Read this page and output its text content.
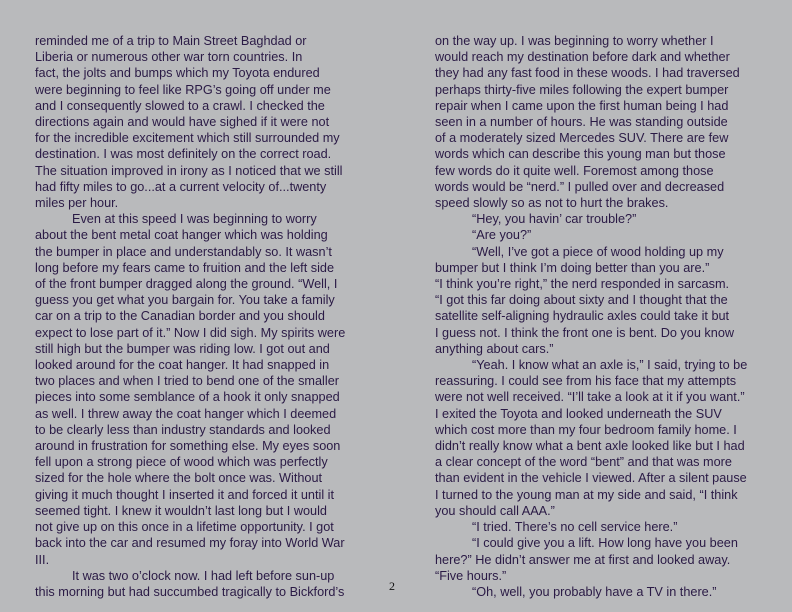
reminded me of a trip to Main Street Baghdad or
Liberia or numerous other war torn countries. In
fact, the jolts and bumps which my Toyota endured
were beginning to feel like RPG’s going off under me
and I consequently slowed to a crawl. I checked the
directions again and would have sighed if it were not
for the incredible excitement which still surrounded my
destination. I was most definitely on the correct road.
The situation improved in irony as I noticed that we still
had fifty miles to go...at a current velocity of...twenty
miles per hour.
Even at this speed I was beginning to worry
about the bent metal coat hanger which was holding
the bumper in place and understandably so. It wasn’t
long before my fears came to fruition and the left side
of the front bumper dragged along the ground. “Well, I
guess you get what you bargain for. You take a family
car on a trip to the Canadian border and you should
expect to lose part of it.” Now I did sigh. My spirits were
still high but the bumper was riding low. I got out and
looked around for the coat hanger. It had snapped in
two places and when I tried to bend one of the smaller
pieces into some semblance of a hook it only snapped
as well. I threw away the coat hanger which I deemed
to be clearly less than industry standards and looked
around in frustration for something else. My eyes soon
fell upon a strong piece of wood which was perfectly
sized for the hole where the bolt once was. Without
giving it much thought I inserted it and forced it until it
seemed tight. I knew it wouldn’t last long but I would
not give up on this once in a lifetime opportunity. I got
back into the car and resumed my foray into World War
III.
It was two o’clock now. I had left before sun-up
this morning but had succumbed tragically to Bickford’s
on the way up. I was beginning to worry whether I
would reach my destination before dark and whether
they had any fast food in these woods. I had traversed
perhaps thirty-five miles following the expert bumper
repair when I came upon the first human being I had
seen in a number of hours. He was standing outside
of a moderately sized Mercedes SUV. There are few
words which can describe this young man but those
few words do it quite well. Foremost among those
words would be “nerd.” I pulled over and decreased
speed slowly so as not to hurt the brakes.
“Hey, you havin’ car trouble?”
“Are you?”
“Well, I’ve got a piece of wood holding up my
bumper but I think I’m doing better than you are.”
“I think you’re right,” the nerd responded in sarcasm.
“I got this far doing about sixty and I thought that the
satellite self-aligning hydraulic axles could take it but
I guess not. I think the front one is bent. Do you know
anything about cars.”
“Yeah. I know what an axle is,” I said, trying to be
reassuring. I could see from his face that my attempts
were not well received. “I’ll take a look at it if you want.”
I exited the Toyota and looked underneath the SUV
which cost more than my four bedroom family home. I
didn’t really know what a bent axle looked like but I had
a clear concept of the word “bent” and that was more
than evident in the vehicle I viewed. After a silent pause
I turned to the young man at my side and said, “I think
you should call AAA.”
“I tried. There’s no cell service here.”
“I could give you a lift. How long have you been
here?” He didn’t answer me at first and looked away.
“Five hours.”
“Oh, well, you probably have a TV in there.”
2
